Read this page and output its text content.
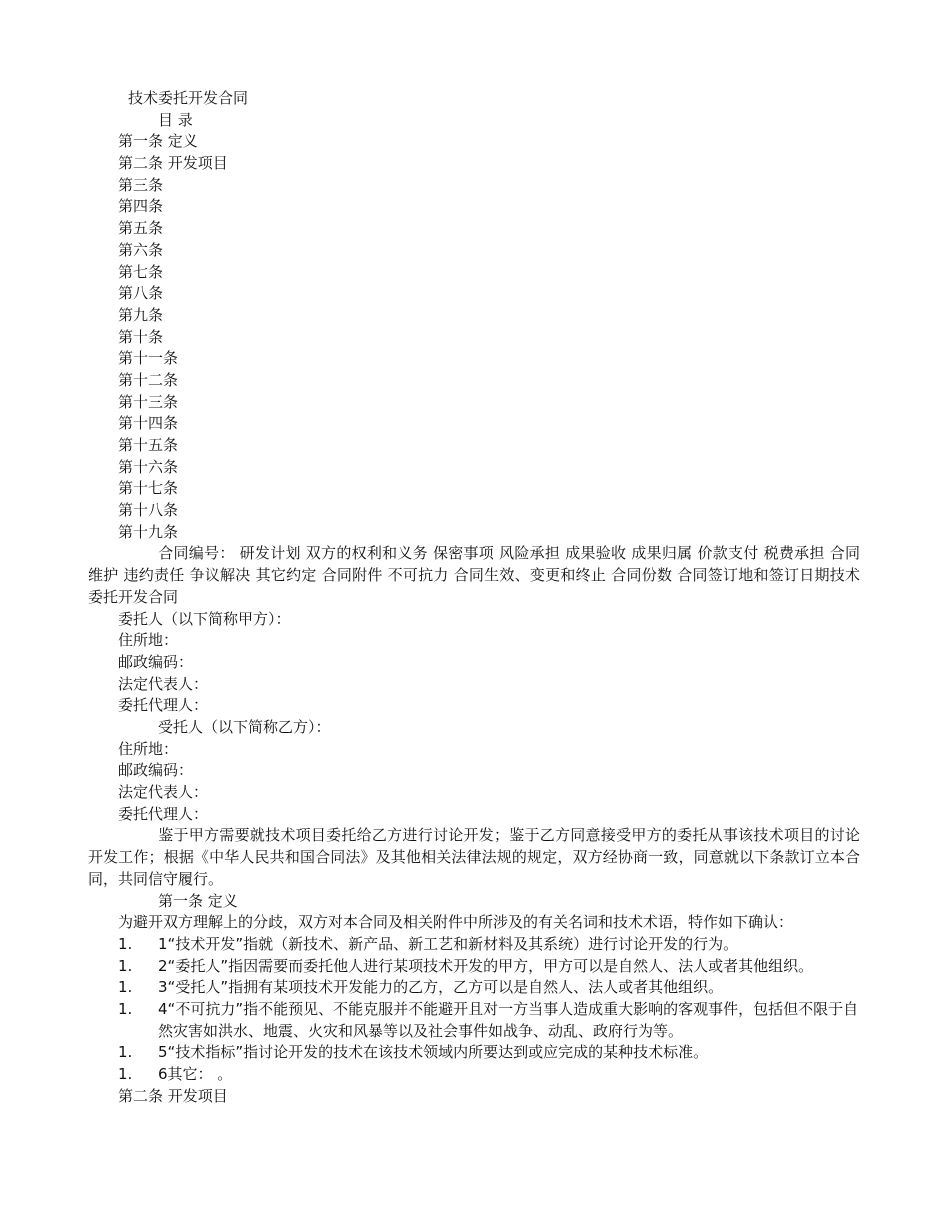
技术委托开发合同
目 录
第一条 定义
第二条 开发项目
第三条
第四条
第五条
第六条
第七条
第八条
第九条
第十条
第十一条
第十二条
第十三条
第十四条
第十五条
第十六条
第十七条
第十八条
第十九条
合同编号： 研发计划 双方的权利和义务 保密事项 风险承担 成果验收 成果归属 价款支付 税费承担 合同维护 违约责任 争议解决 其它约定 合同附件 不可抗力 合同生效、变更和终止 合同份数 合同签订地和签订日期技术委托开发合同
委托人（以下简称甲方）：
住所地：
邮政编码：
法定代表人：
委托代理人：
受托人（以下简称乙方）：
住所地：
邮政编码：
法定代表人：
委托代理人：
鉴于甲方需要就技术项目委托给乙方进行讨论开发；鉴于乙方同意接受甲方的委托从事该技术项目的讨论开发工作；根据《中华人民共和国合同法》及其他相关法律法规的规定，双方经协商一致，同意就以下条款订立本合同，共同信守履行。
第一条 定义
为避开双方理解上的分歧，双方对本合同及相关附件中所涉及的有关名词和技术术语，特作如下确认：
1.	1“技术开发”指就（新技术、新产品、新工艺和新材料及其系统）进行讨论开发的行为。
1.	2“委托人”指因需要而委托他人进行某项技术开发的甲方，甲方可以是自然人、法人或者其他组织。
1.	3“受托人”指拥有某项技术开发能力的乙方，乙方可以是自然人、法人或者其他组织。
1.	4“不可抗力”指不能预见、不能克服并不能避开且对一方当事人造成重大影响的客观事件，包括但不限于自然灾害如洪水、地震、火灾和风暴等以及社会事件如战争、动乱、政府行为等。
1.	5“技术指标”指讨论开发的技术在该技术领域内所要达到或应完成的某种技术标准。
1.	6其它： 。
第二条 开发项目
